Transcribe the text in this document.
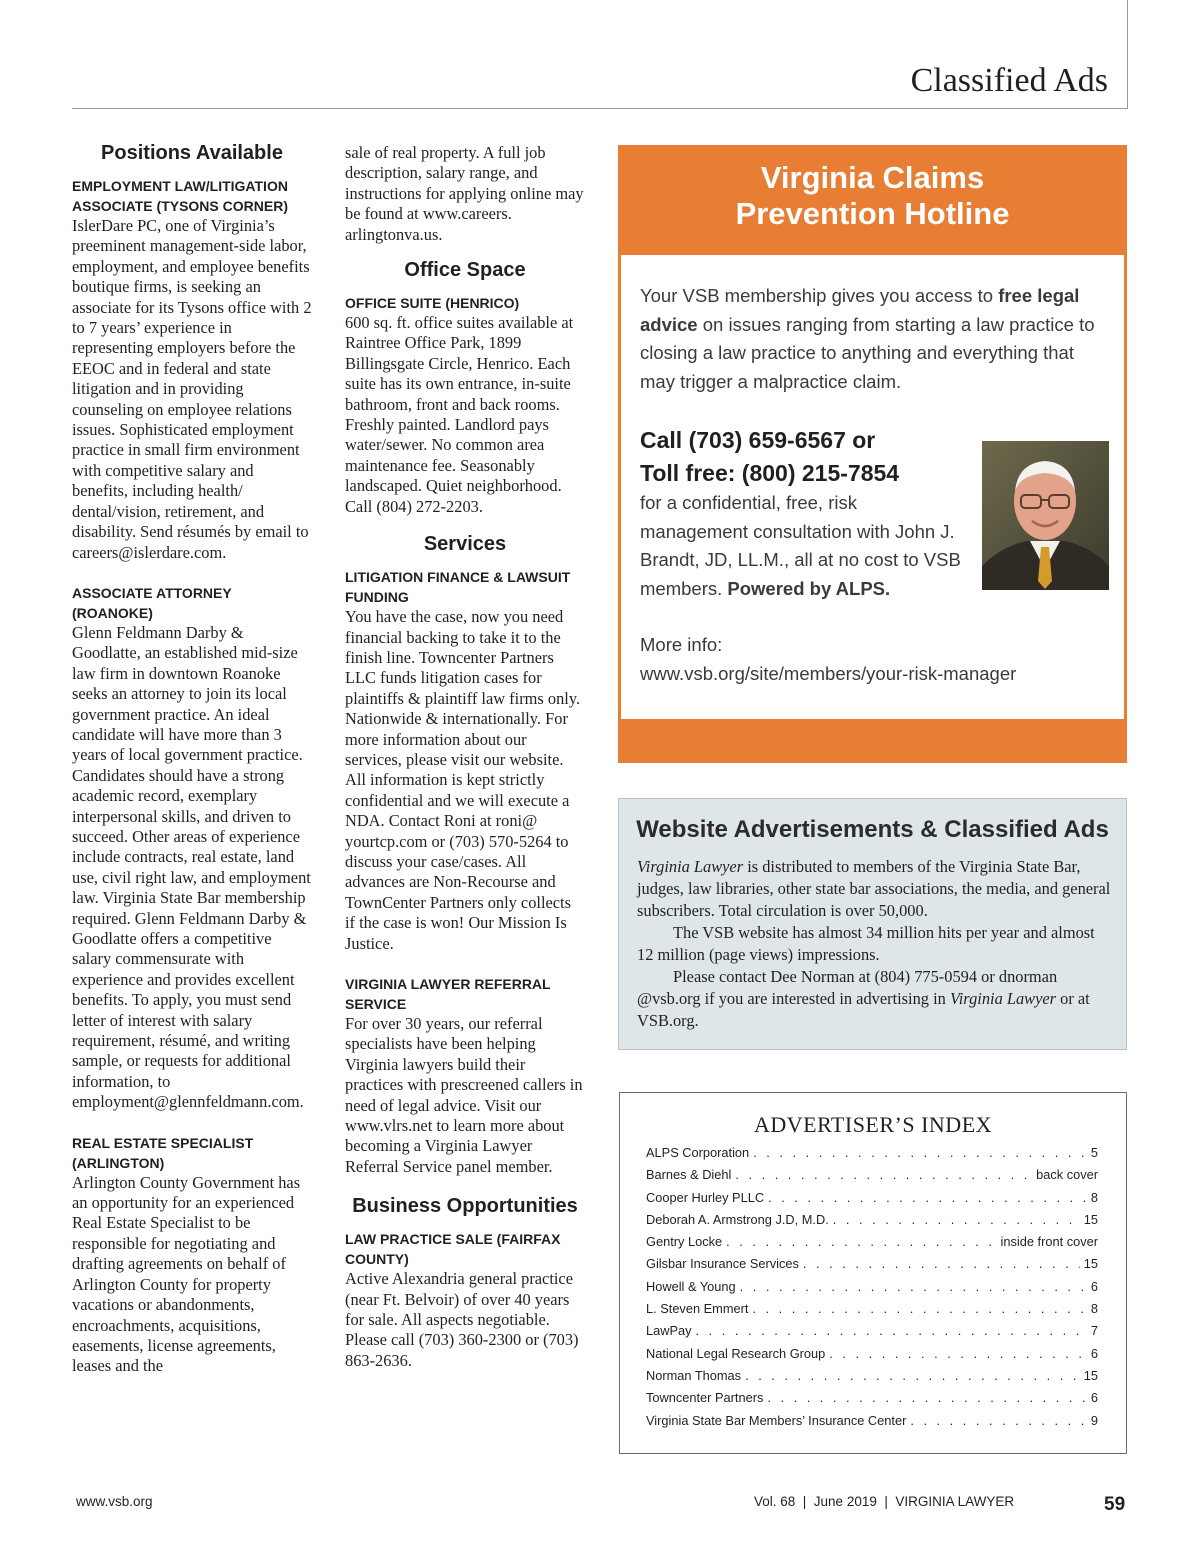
Classified Ads
Positions Available
EMPLOYMENT LAW/LITIGATION ASSOCIATE (TYSONS CORNER)
IslerDare PC, one of Virginia’s preeminent management-side labor, employment, and employee benefits boutique firms, is seeking an associate for its Tysons office with 2 to 7 years’ experience in representing employers before the EEOC and in federal and state litigation and in providing counseling on employee relations issues. Sophisticated employment practice in small firm environment with competitive salary and benefits, including health/ dental/vision, retirement, and disability. Send résumés by email to careers@islerdare.com.
ASSOCIATE ATTORNEY (ROANOKE)
Glenn Feldmann Darby & Goodlatte, an established mid-size law firm in downtown Roanoke seeks an attorney to join its local government practice. An ideal candidate will have more than 3 years of local government practice. Candidates should have a strong academic record, exemplary interpersonal skills, and driven to succeed. Other areas of experience include contracts, real estate, land use, civil right law, and employment law. Virginia State Bar membership required. Glenn Feldmann Darby & Goodlatte offers a competitive salary commensurate with experience and provides excellent benefits. To apply, you must send letter of interest with salary requirement, résumé, and writing sample, or requests for additional information, to employment@glennfeldmann.com.
REAL ESTATE SPECIALIST (ARLINGTON)
Arlington County Government has an opportunity for an experienced Real Estate Specialist to be responsible for negotiating and drafting agreements on behalf of Arlington County for property vacations or abandonments, encroachments, acquisitions, easements, license agreements, leases and the
sale of real property. A full job description, salary range, and instructions for applying online may be found at www.careers. arlingtonva.us.
Office Space
OFFICE SUITE (HENRICO)
600 sq. ft. office suites available at Raintree Office Park, 1899 Billingsgate Circle, Henrico. Each suite has its own entrance, in-suite bathroom, front and back rooms. Freshly painted. Landlord pays water/sewer. No common area maintenance fee. Seasonably landscaped. Quiet neighborhood. Call (804) 272-2203.
Services
LITIGATION FINANCE & LAWSUIT FUNDING
You have the case, now you need financial backing to take it to the finish line. Towncenter Partners LLC funds litigation cases for plaintiffs & plaintiff law firms only. Nationwide & internationally. For more information about our services, please visit our website. All information is kept strictly confidential and we will execute a NDA. Contact Roni at roni@ yourtcp.com or (703) 570-5264 to discuss your case/cases. All advances are Non-Recourse and TownCenter Partners only collects if the case is won! Our Mission Is Justice.
VIRGINIA LAWYER REFERRAL SERVICE
For over 30 years, our referral specialists have been helping Virginia lawyers build their practices with prescreened callers in need of legal advice. Visit our www.vlrs.net to learn more about becoming a Virginia Lawyer Referral Service panel member.
Business Opportunities
LAW PRACTICE SALE (FAIRFAX COUNTY)
Active Alexandria general practice (near Ft. Belvoir) of over 40 years for sale. All aspects negotiable. Please call (703) 360-2300 or (703) 863-2636.
Virginia Claims
Prevention Hotline
Your VSB membership gives you access to free legal advice on issues ranging from starting a law practice to closing a law practice to anything and everything that may trigger a malpractice claim.
Call (703) 659-6567 or
Toll free: (800) 215-7854
for a confidential, free, risk management consultation with John J. Brandt, JD, LL.M., all at no cost to VSB members. Powered by ALPS.
More info:
www.vsb.org/site/members/your-risk-manager
Website Advertisements & Classified Ads

Virginia Lawyer is distributed to members of the Virginia State Bar, judges, law libraries, other state bar associations, the media, and general subscribers. Total circulation is over 50,000.

The VSB website has almost 34 million hits per year and almost 12 million (page views) impressions.

Please contact Dee Norman at (804) 775-0594 or dnorman @vsb.org if you are interested in advertising in Virginia Lawyer or at VSB.org.

ADVERTISER’S INDEX
ALPS Corporation . . .	5
Barnes & Diehl . . .	back cover
Cooper Hurley PLLC . . .	8
Deborah A. Armstrong J.D, M.D. . . .	15
Gentry Locke . . .	inside front cover
Gilsbar Insurance Services . . .	15
Howell & Young . . .	6
L. Steven Emmert . . .	8
LawPay . . .	7
National Legal Research Group . . .	6
Norman Thomas . . .	15
Towncenter Partners . . .	6
Virginia State Bar Members’ Insurance Center . . .	9
www.vsb.org	Vol. 68  |  June 2019  |  VIRGINIA LAWYER	59
